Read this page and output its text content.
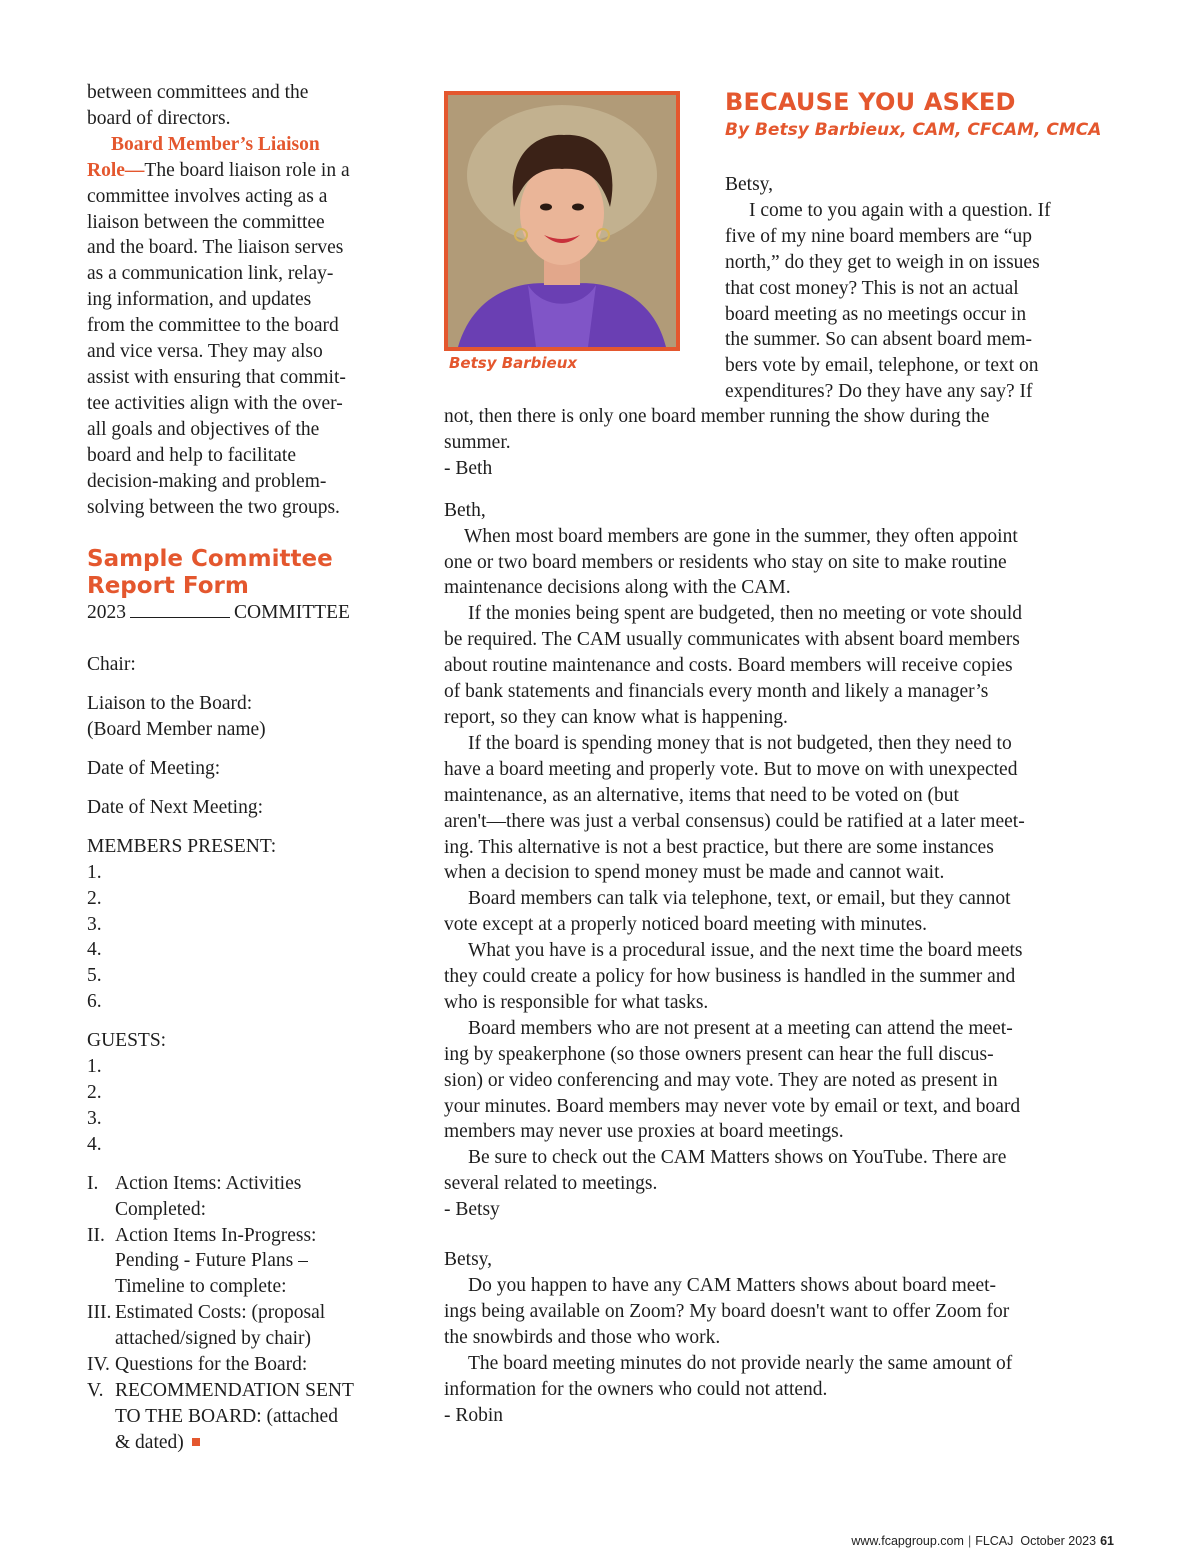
between committees and the
board of directors.
Board Member’s Liaison
Role—The board liaison role in a
committee involves acting as a
liaison between the committee
and the board. The liaison serves
as a communication link, relay-
ing information, and updates
from the committee to the board
and vice versa. They may also
assist with ensuring that commit-
tee activities align with the over-
all goals and objectives of the
board and help to facilitate
decision-making and problem-
solving between the two groups.
Sample Committee
Report Form
2023	COMMITTEE
Chair:
Liaison to the Board:
(Board Member name)
Date of Meeting:
Date of Next Meeting:
MEMBERS PRESENT:
1.
2.
3.
4.
5.
6.
GUESTS:
1.
2.
3.
4.
I. Action Items: Activities
Completed:
II. Action Items In-Progress:
Pending - Future Plans –
Timeline to complete:
III. Estimated Costs: (proposal
attached/signed by chair)
IV. Questions for the Board:
V. RECOMMENDATION SENT
TO THE BOARD: (attached
& dated)
Betsy Barbieux
BECAUSE YOU ASKED
By Betsy Barbieux, CAM, CFCAM, CMCA
Betsy,
I come to you again with a question. If
five of my nine board members are “up
north,” do they get to weigh in on issues
that cost money? This is not an actual
board meeting as no meetings occur in
the summer. So can absent board mem-
bers vote by email, telephone, or text on
expenditures? Do they have any say? If
not, then there is only one board member running the show during the
summer.
- Beth
Beth,
When most board members are gone in the summer, they often appoint
one or two board members or residents who stay on site to make routine
maintenance decisions along with the CAM.
If the monies being spent are budgeted, then no meeting or vote should
be required. The CAM usually communicates with absent board members
about routine maintenance and costs. Board members will receive copies
of bank statements and financials every month and likely a manager’s
report, so they can know what is happening.
If the board is spending money that is not budgeted, then they need to
have a board meeting and properly vote. But to move on with unexpected
maintenance, as an alternative, items that need to be voted on (but
aren't—there was just a verbal consensus) could be ratified at a later meet-
ing. This alternative is not a best practice, but there are some instances
when a decision to spend money must be made and cannot wait.
Board members can talk via telephone, text, or email, but they cannot
vote except at a properly noticed board meeting with minutes.
What you have is a procedural issue, and the next time the board meets
they could create a policy for how business is handled in the summer and
who is responsible for what tasks.
Board members who are not present at a meeting can attend the meet-
ing by speakerphone (so those owners present can hear the full discus-
sion) or video conferencing and may vote. They are noted as present in
your minutes. Board members may never vote by email or text, and board
members may never use proxies at board meetings.
Be sure to check out the CAM Matters shows on YouTube. There are
several related to meetings.
- Betsy
Betsy,
Do you happen to have any CAM Matters shows about board meet-
ings being available on Zoom? My board doesn't want to offer Zoom for
the snowbirds and those who work.
The board meeting minutes do not provide nearly the same amount of
information for the owners who could not attend.
- Robin
www.fcapgroup.com | FLCAJ October 2023 61
